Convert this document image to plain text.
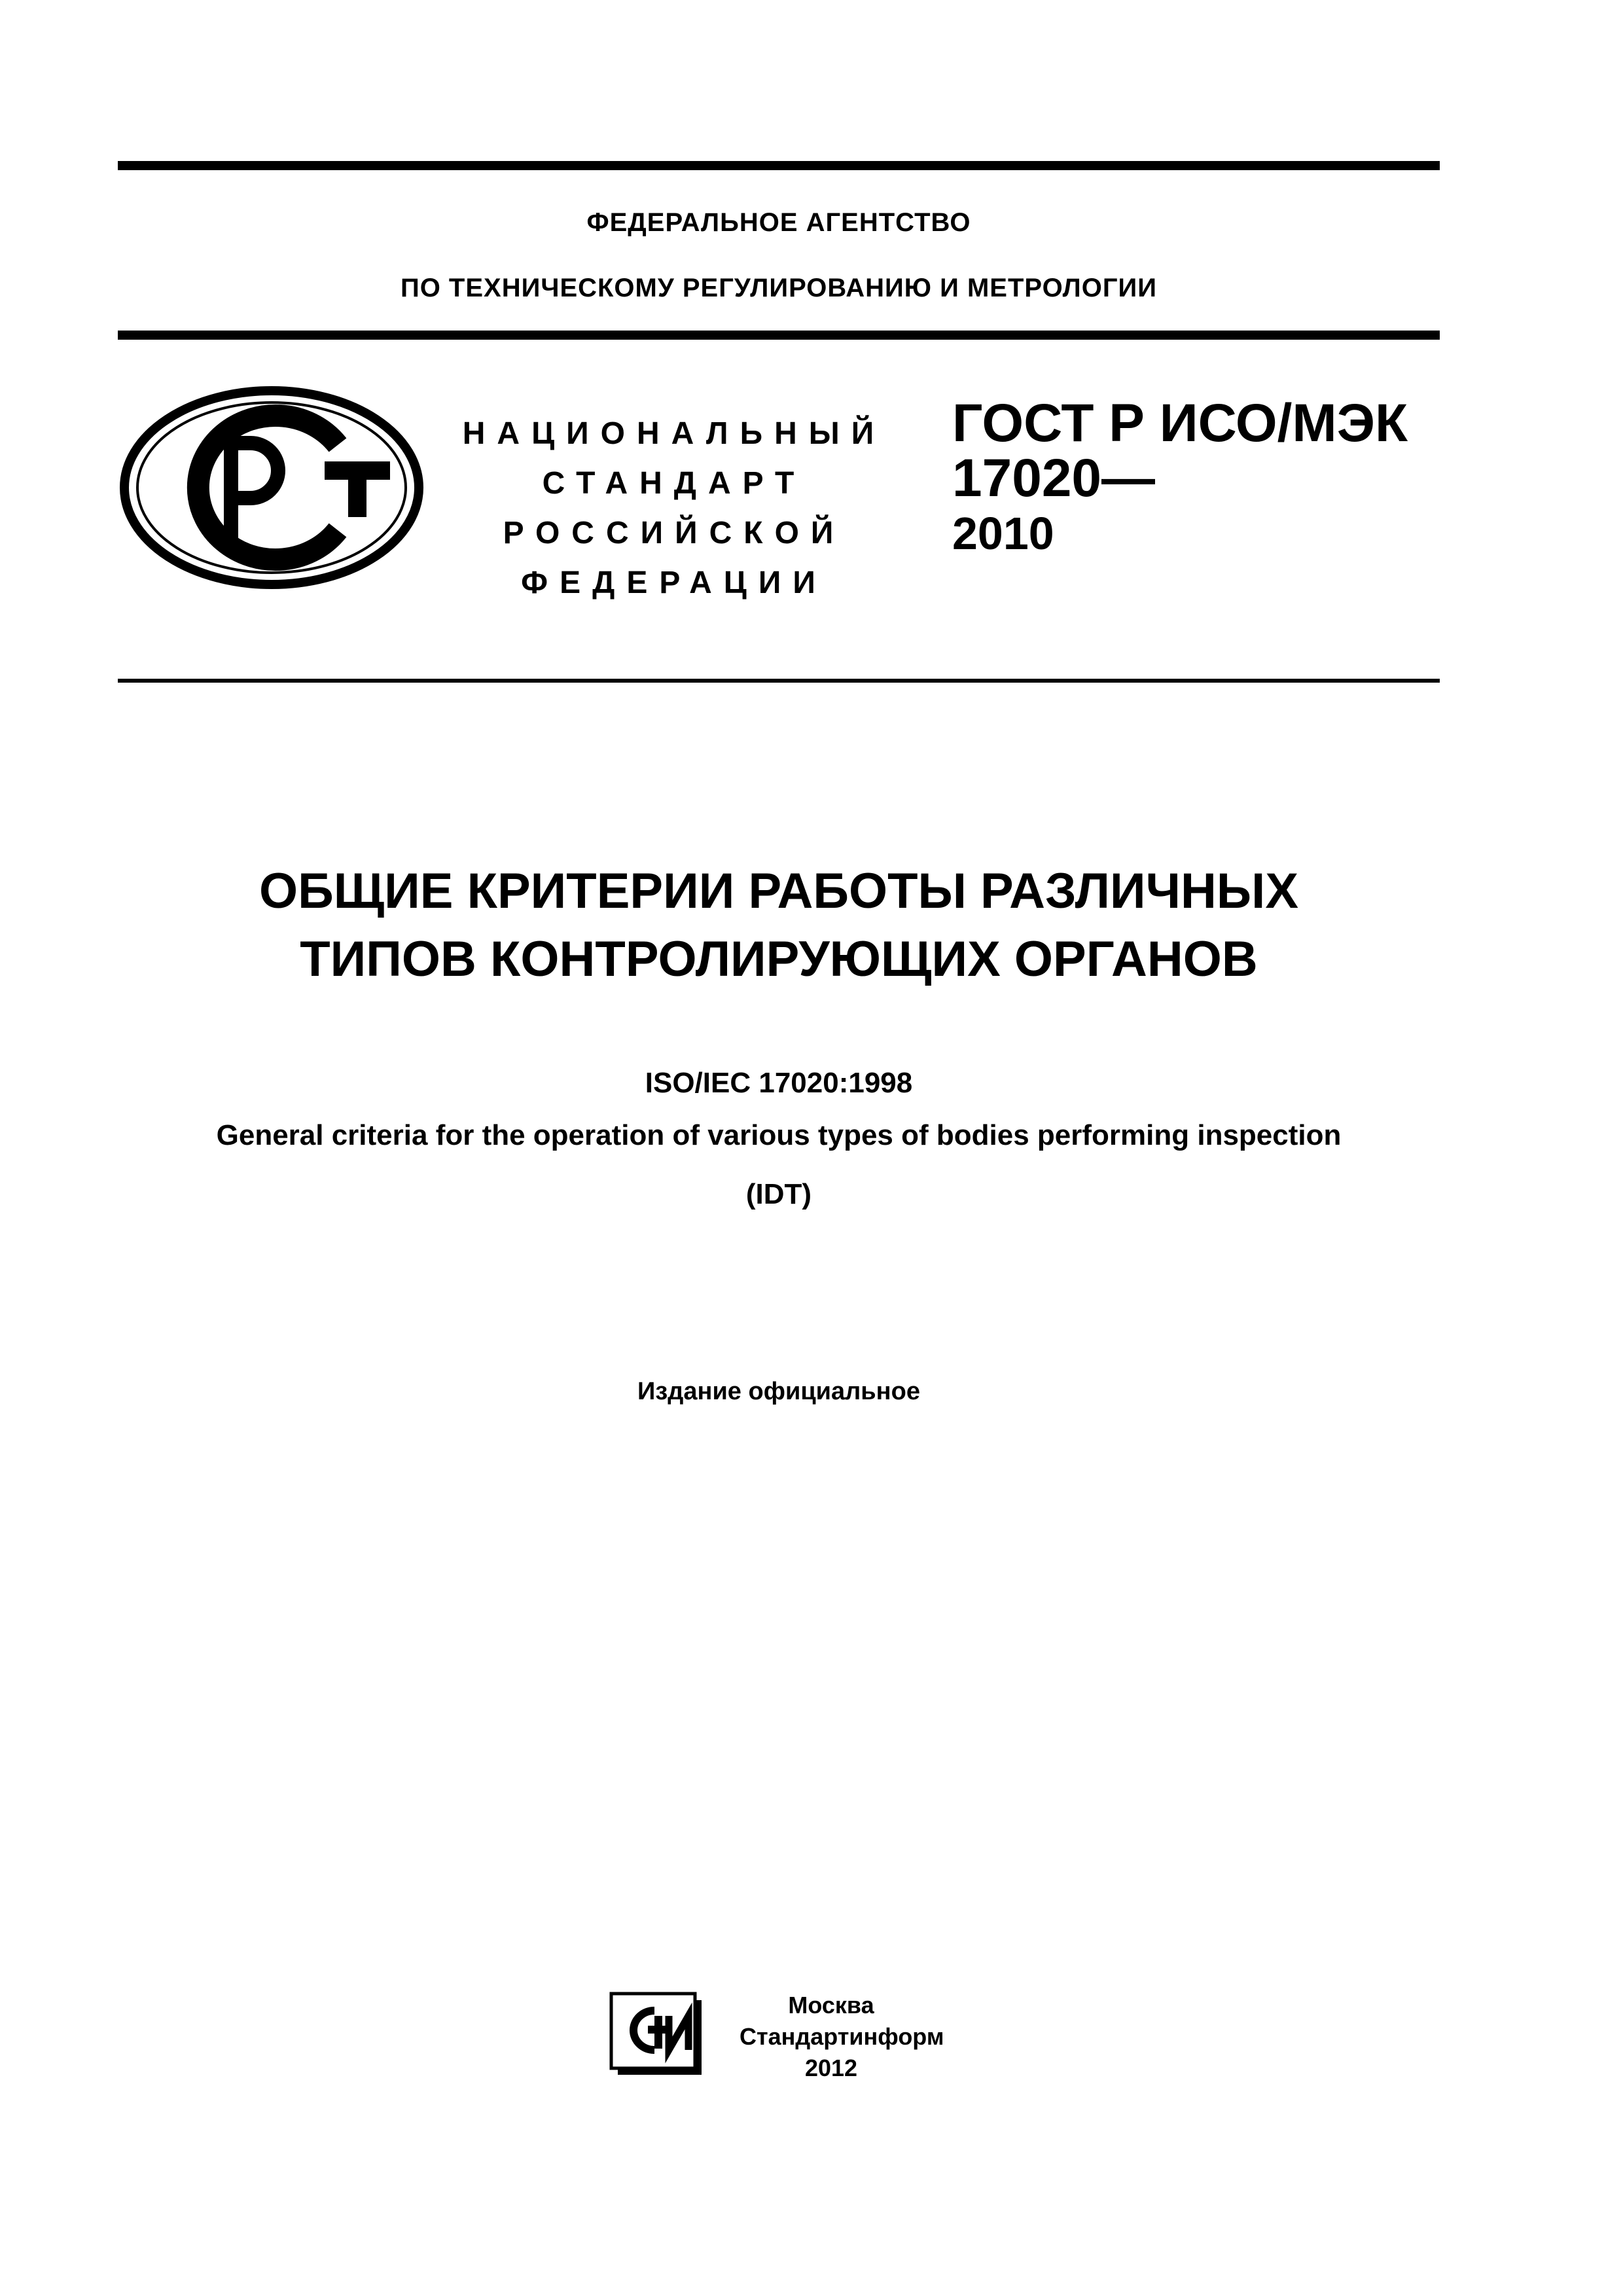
ФЕДЕРАЛЬНОЕ АГЕНТСТВО
ПО ТЕХНИЧЕСКОМУ РЕГУЛИРОВАНИЮ И МЕТРОЛОГИИ
НАЦИОНАЛЬНЫЙ
СТАНДАРТ
РОССИЙСКОЙ
ФЕДЕРАЦИИ
ГОСТ Р ИСО/МЭК
17020—
2010
ОБЩИЕ КРИТЕРИИ РАБОТЫ РАЗЛИЧНЫХ
ТИПОВ КОНТРОЛИРУЮЩИХ ОРГАНОВ
ISO/IEC 17020:1998
General criteria for the operation of various types of bodies performing inspection
(IDT)
Издание официальное
Москва
Стандартинформ
2012
